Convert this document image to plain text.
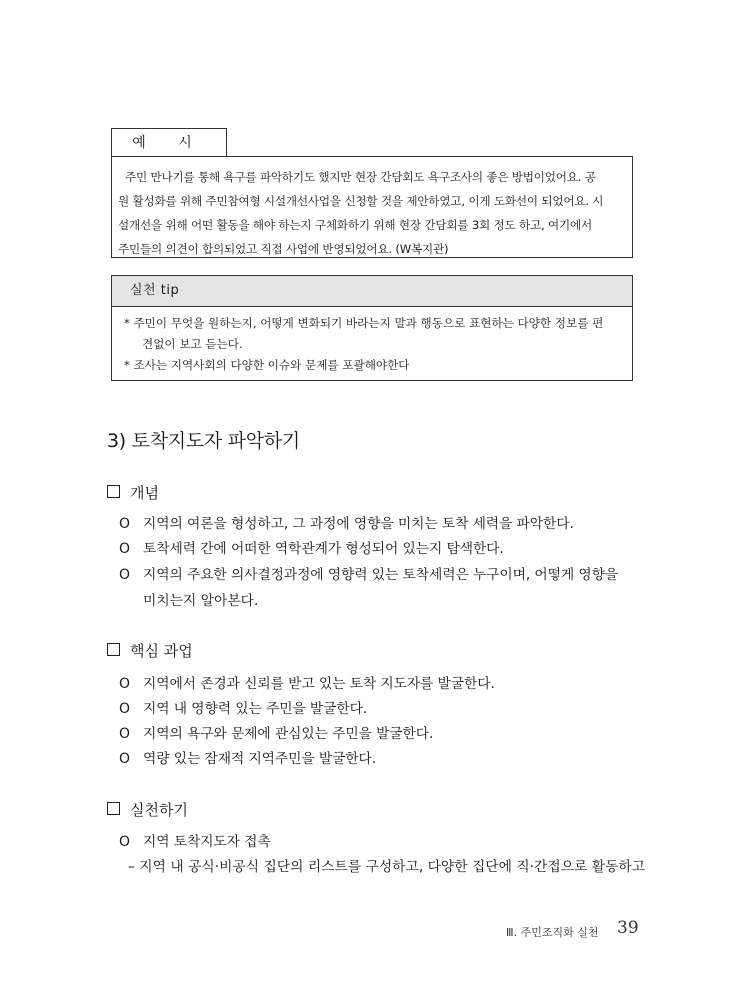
예 시
주민 만나기를 통해 욕구를 파악하기도 했지만 현장 간담회도 욕구조사의 좋은 방법이었어요. 공
원 활성화를 위해 주민참여형 시설개선사업을 신청할 것을 제안하였고, 이게 도화선이 되었어요. 시
설개선을 위해 어떤 활동을 해야 하는지 구체화하기 위해 현장 간담회를 3회 정도 하고, 여기에서
주민들의 의견이 합의되었고 직접 사업에 반영되었어요. (W복지관)
실천 tip
* 주민이 무엇을 원하는지, 어떻게 변화되기 바라는지 말과 행동으로 표현하는 다양한 정보를 편
견없이 보고 듣는다.
* 조사는 지역사회의 다양한 이슈와 문제를 포괄해야한다
3) 토착지도자 파악하기
개념
O 지역의 여론을 형성하고, 그 과정에 영향을 미치는 토착 세력을 파악한다.
O 토착세력 간에 어떠한 역학관계가 형성되어 있는지 탐색한다.
O 지역의 주요한 의사결정과정에 영향력 있는 토착세력은 누구이며, 어떻게 영향을
미치는지 알아본다.
핵심 과업
O 지역에서 존경과 신뢰를 받고 있는 토착 지도자를 발굴한다.
O 지역 내 영향력 있는 주민을 발굴한다.
O 지역의 욕구와 문제에 관심있는 주민을 발굴한다.
O 역량 있는 잠재적 지역주민을 발굴한다.
실천하기
O 지역 토착지도자 접촉
– 지역 내 공식·비공식 집단의 리스트를 구성하고, 다양한 집단에 직·간접으로 활동하고
Ⅲ. 주민조직화 실천 39
